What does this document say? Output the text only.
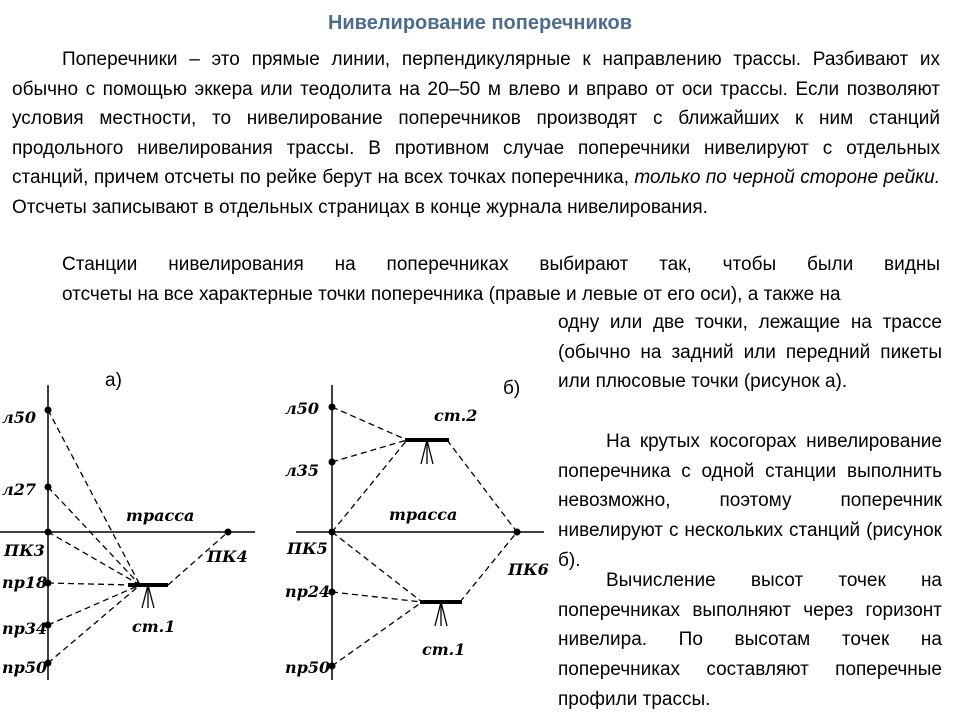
Нивелирование поперечников

Поперечники – это прямые линии, перпендикулярные к направлению трассы. Разбивают их обычно с помощью эккера или теодолита на 20–50 м влево и вправо от оси трассы. Если позволяют условия местности, то нивелирование поперечников производят с ближайших к ним станций продольного нивелирования трассы. В противном случае поперечники нивелируют с отдельных станций, причем отсчеты по рейке берут на всех точках поперечника, только по черной стороне рейки. Отсчеты записывают в отдельных страницах в конце журнала нивелирования.

Станции нивелирования на поперечниках выбирают так, чтобы были видны
отсчеты на все характерные точки поперечника (правые и левые от его оси), а также на

одну или две точки, лежащие на трассе (обычно на задний или передний пикеты или плюсовые точки (рисунок а).

На крутых косогорах нивелирование поперечника с одной станции выполнить невозможно, поэтому поперечник нивелируют с нескольких станций (рисунок б).

Вычисление высот точек на поперечниках выполняют через горизонт нивелира. По высотам точек на поперечниках составляют поперечные профили трассы.

а)	б)
л50
л27
трасса
ПК3	ПК4
пр18
пр34
пр50
ст.1
л50	ст.2
л35
трасса
ПК5
ПК6
пр24
пр50
ст.1
